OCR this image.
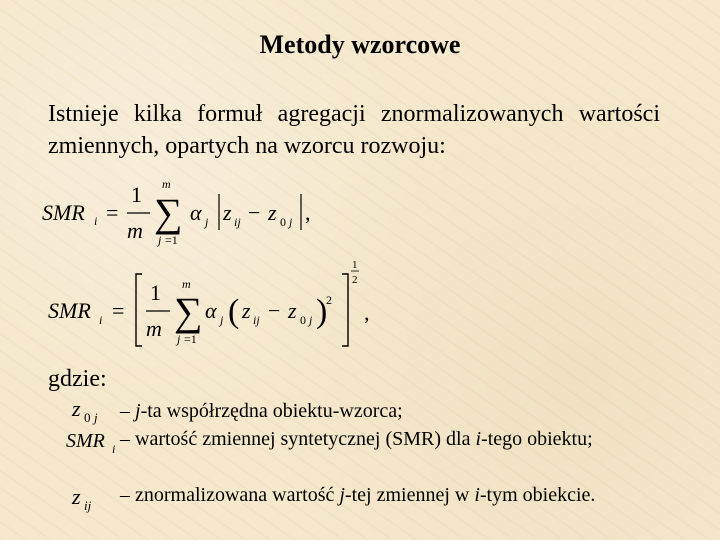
Metody wzorcowe
Istnieje kilka formuł agregacji znormalizowanych wartości zmiennych, opartych na wzorcu rozwoju:
SMR i =
1
m
m
∑
j =1
α j z ij − z 0 j ,
SMR i =
1
m
m
∑
j =1
α j ( z ij − z 0 j )
2
1
2
,
gdzie:
z 0 j
SMR i
z ij
– j-ta współrzędna obiektu-wzorca;
– wartość zmiennej syntetycznej (SMR) dla i-tego obiektu;
– znormalizowana wartość j-tej zmiennej w i-tym obiekcie.
